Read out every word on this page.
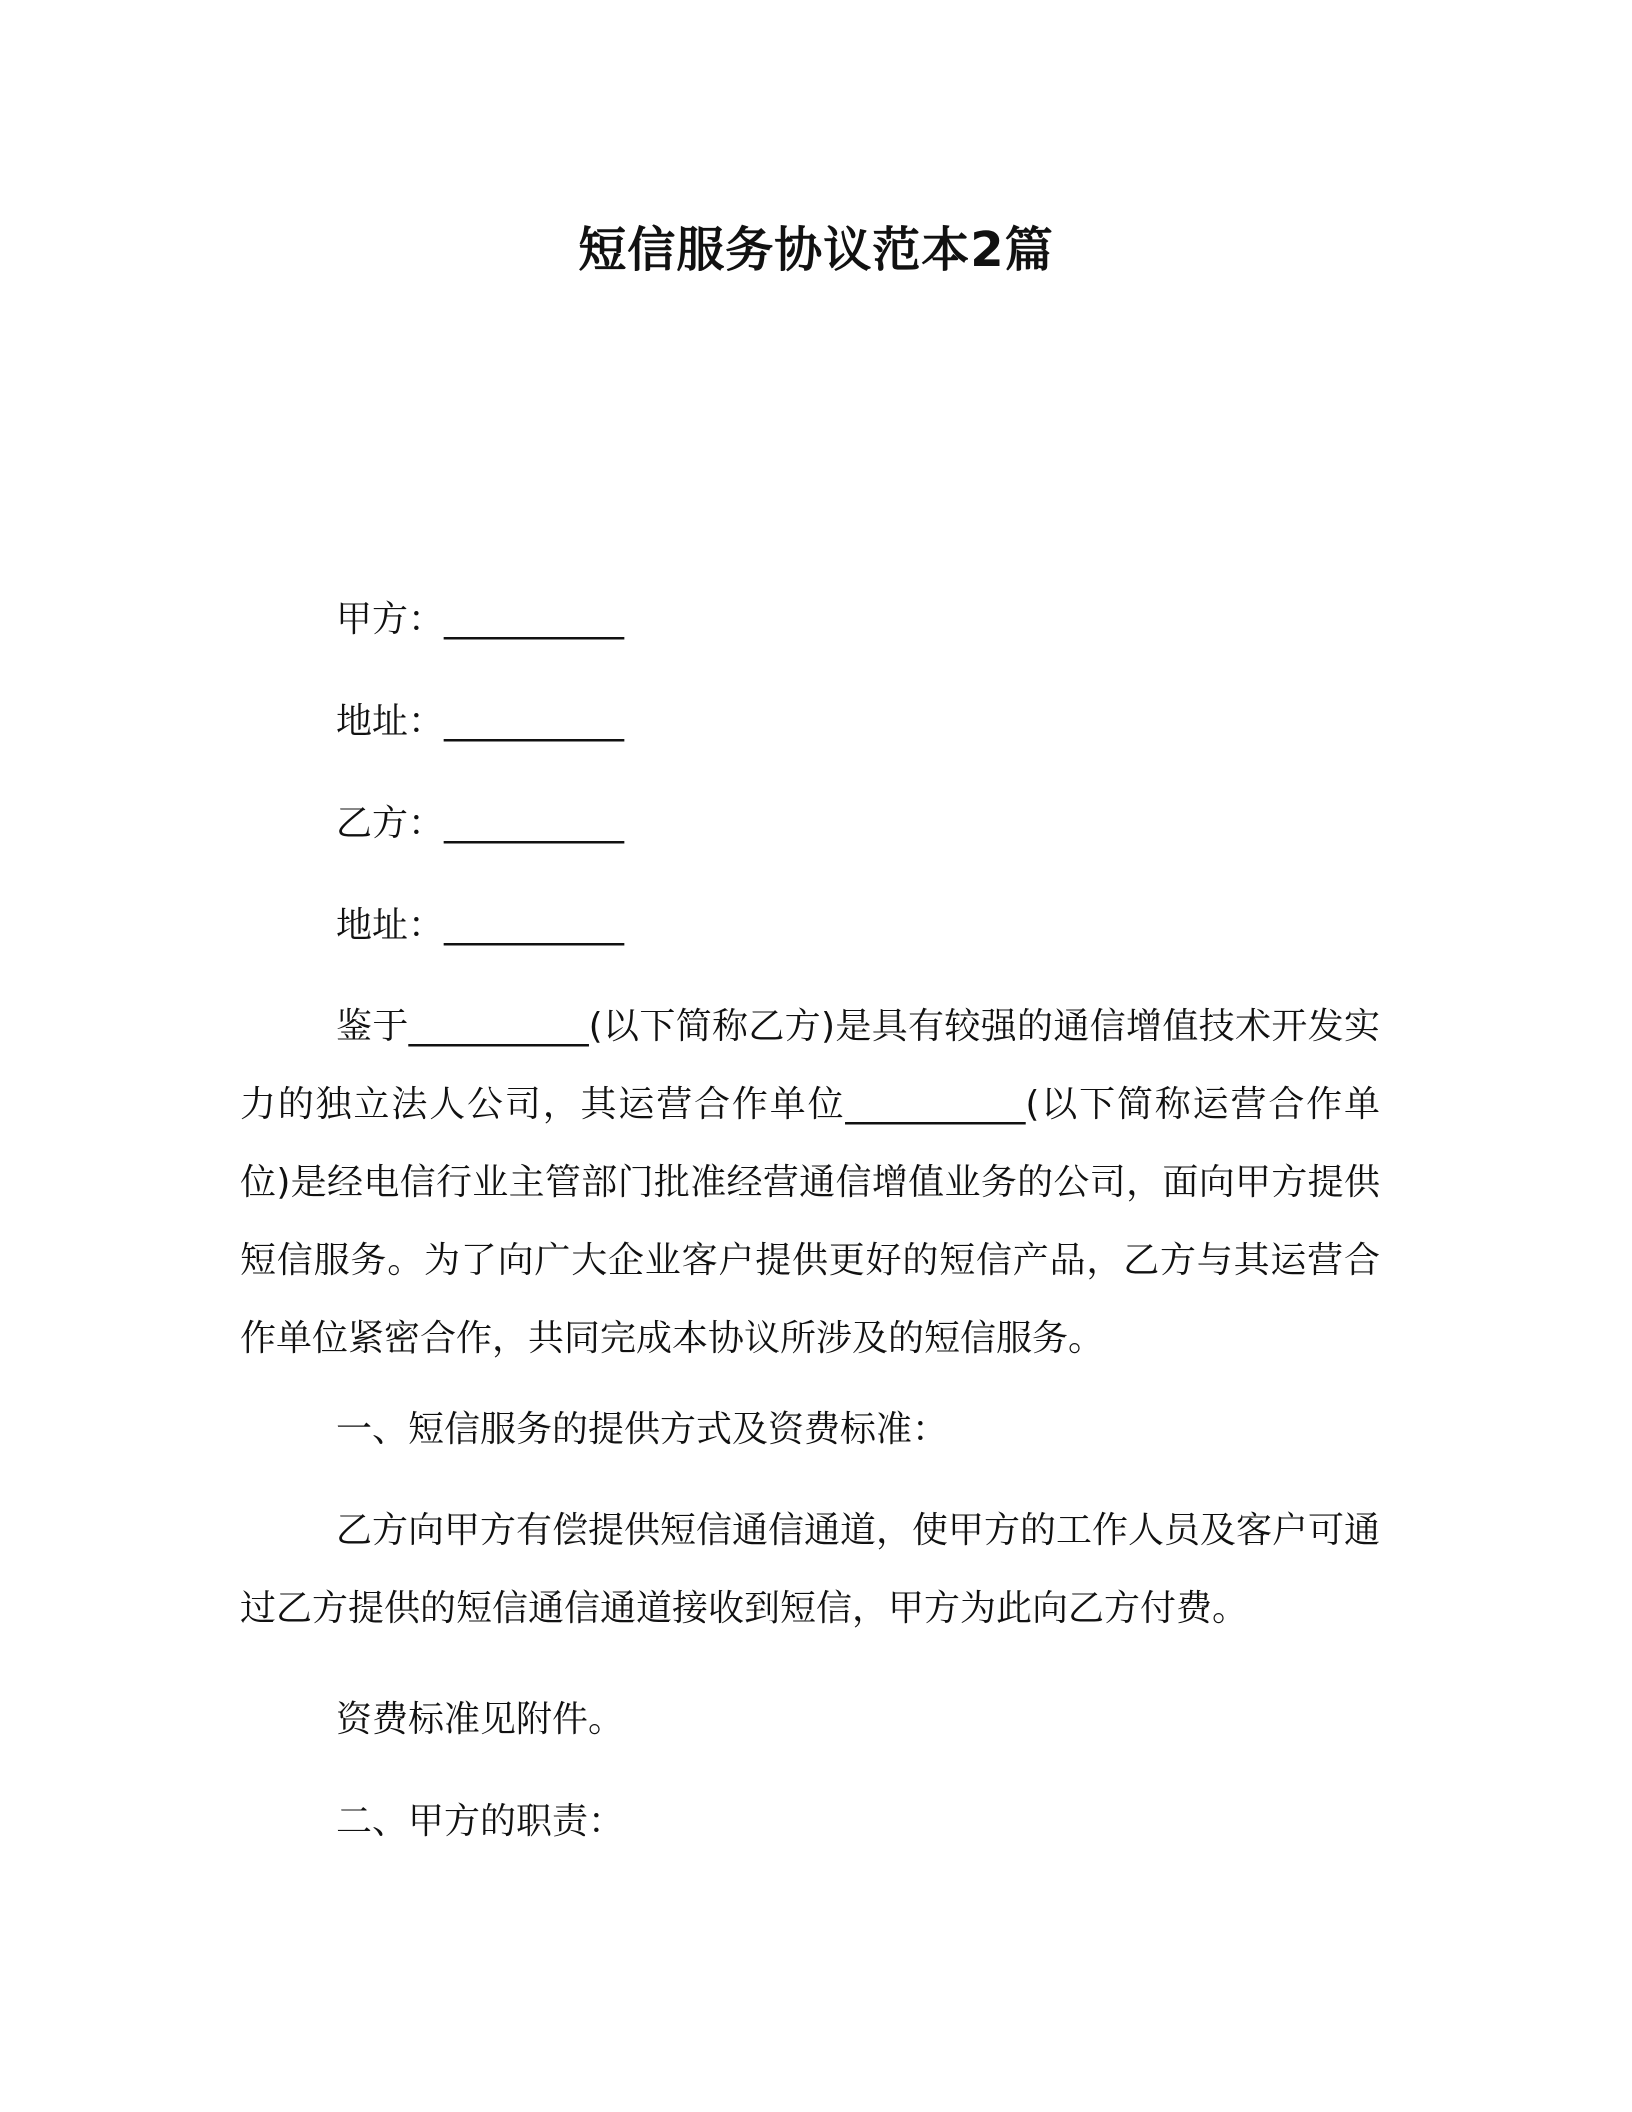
短信服务协议范本2篇
甲方：__________
地址：__________
乙方：__________
地址：__________
鉴于__________(以下简称乙方)是具有较强的通信增值技术开发实力的独立法人公司，其运营合作单位__________(以下简称运营合作单位)是经电信行业主管部门批准经营通信增值业务的公司，面向甲方提供短信服务。为了向广大企业客户提供更好的短信产品，乙方与其运营合作单位紧密合作，共同完成本协议所涉及的短信服务。
一、短信服务的提供方式及资费标准：
乙方向甲方有偿提供短信通信通道，使甲方的工作人员及客户可通过乙方提供的短信通信通道接收到短信，甲方为此向乙方付费。
资费标准见附件。
二、甲方的职责：
